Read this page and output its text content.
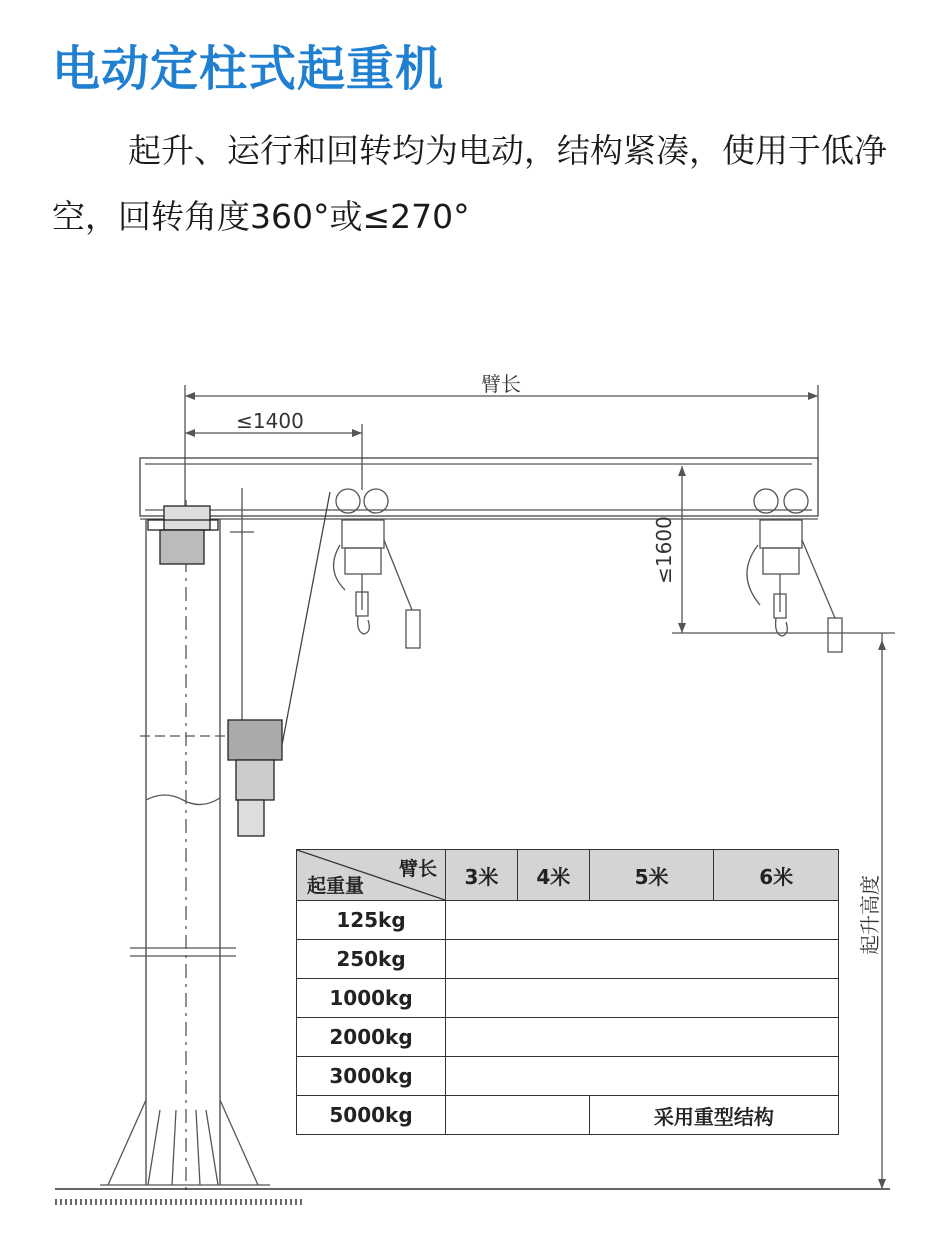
电动定柱式起重机

起升、运行和回转均为电动，结构紧凑，使用于低净空，回转角度360°或≤270°

臂长
≤1400
≤1600
起升高度
臂长
起重量	3米	4米	5米	6米
125kg				
250kg				
1000kg				
2000kg				
3000kg				
5000kg			采用重型结构	
